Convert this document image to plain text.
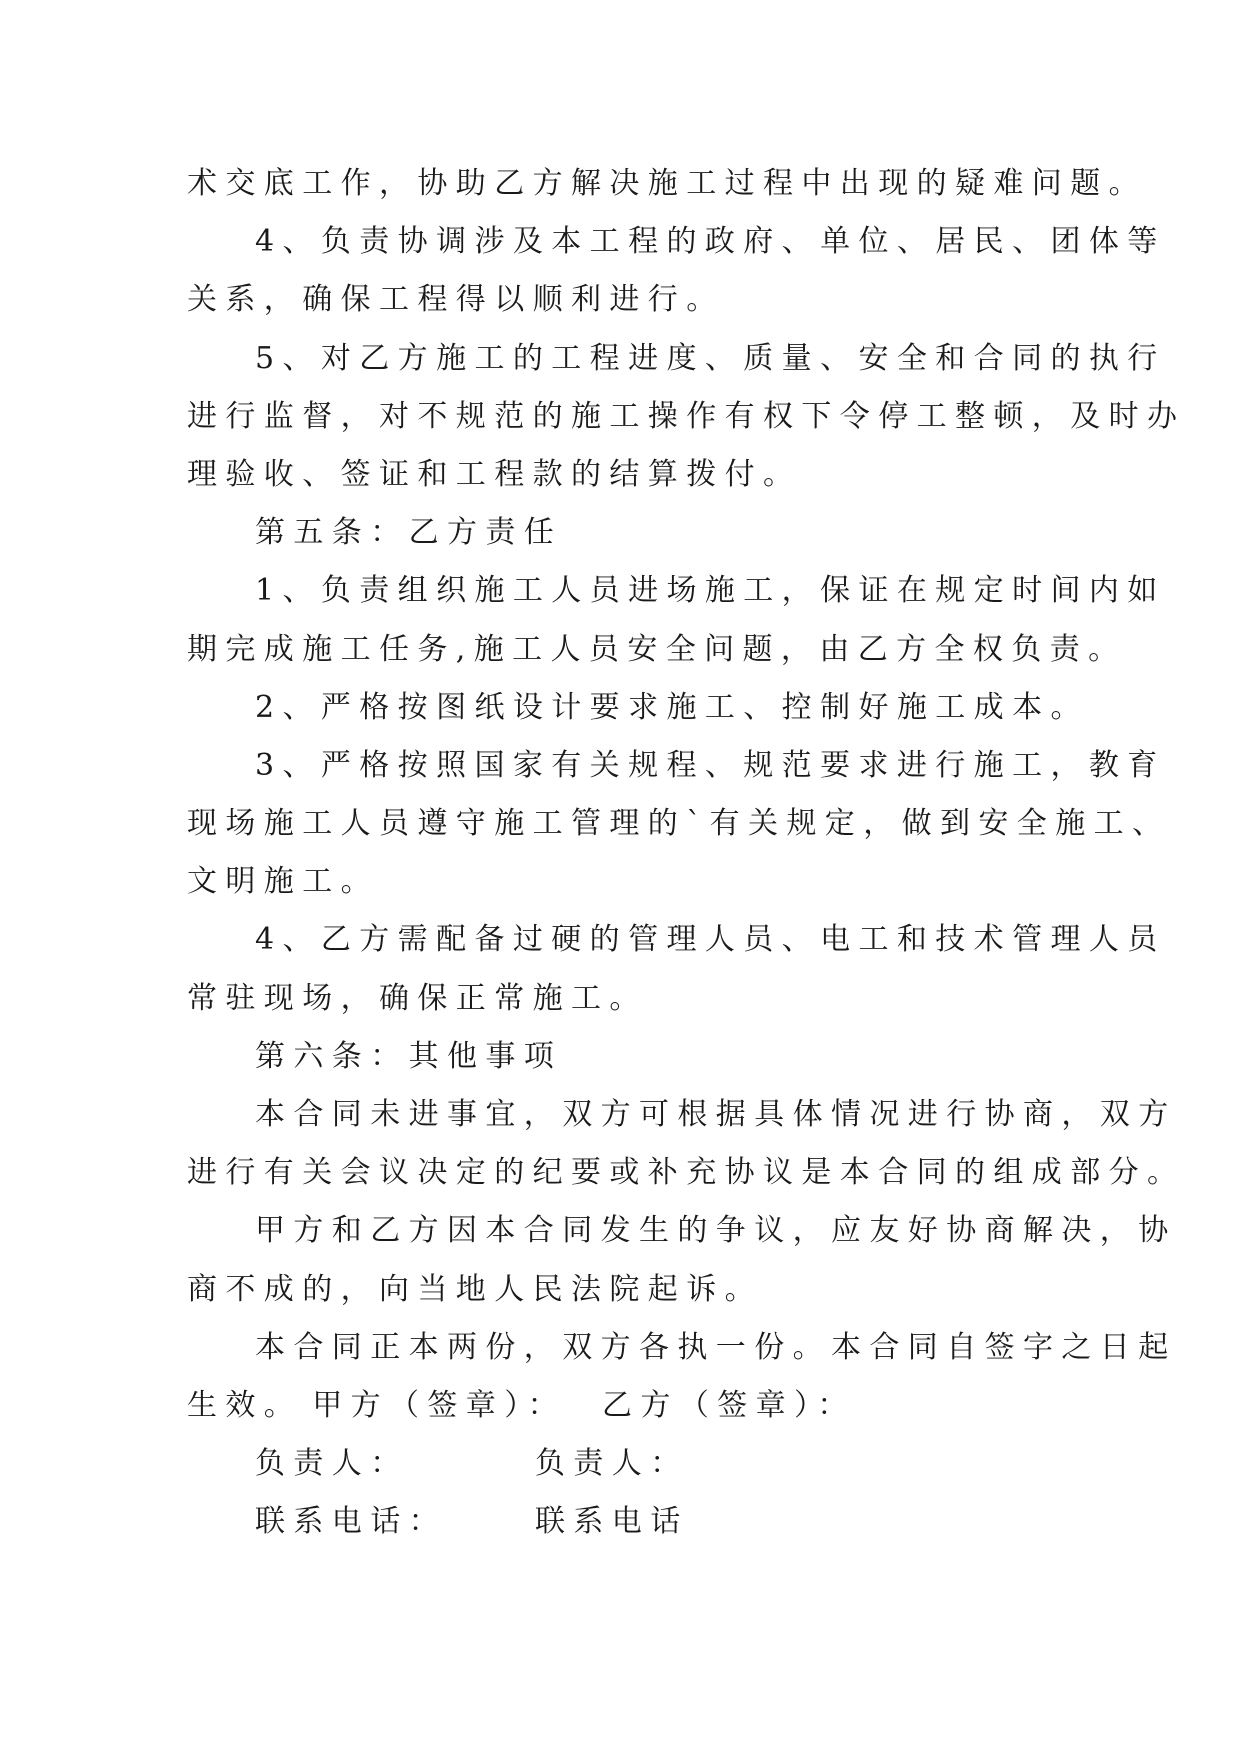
术交底工作，协助乙方解决施工过程中出现的疑难问题。
4、负责协调涉及本工程的政府、单位、居民、团体等
关系，确保工程得以顺利进行。
5、对乙方施工的工程进度、质量、安全和合同的执行
进行监督，对不规范的施工操作有权下令停工整顿，及时办
理验收、签证和工程款的结算拨付。
第五条：乙方责任
1、负责组织施工人员进场施工，保证在规定时间内如
期完成施工任务,施工人员安全问题，由乙方全权负责。
2、严格按图纸设计要求施工、控制好施工成本。
3、严格按照国家有关规程、规范要求进行施工，教育
现场施工人员遵守施工管理的`有关规定，做到安全施工、
文明施工。
4、乙方需配备过硬的管理人员、电工和技术管理人员
常驻现场，确保正常施工。
第六条：其他事项
本合同未进事宜，双方可根据具体情况进行协商，双方
进行有关会议决定的纪要或补充协议是本合同的组成部分。
甲方和乙方因本合同发生的争议，应友好协商解决，协
商不成的，向当地人民法院起诉。
本合同正本两份，双方各执一份。本合同自签字之日起
生效。 甲方（签章）： 乙方（签章）：
负责人：	负责人：
联系电话：	联系电话
